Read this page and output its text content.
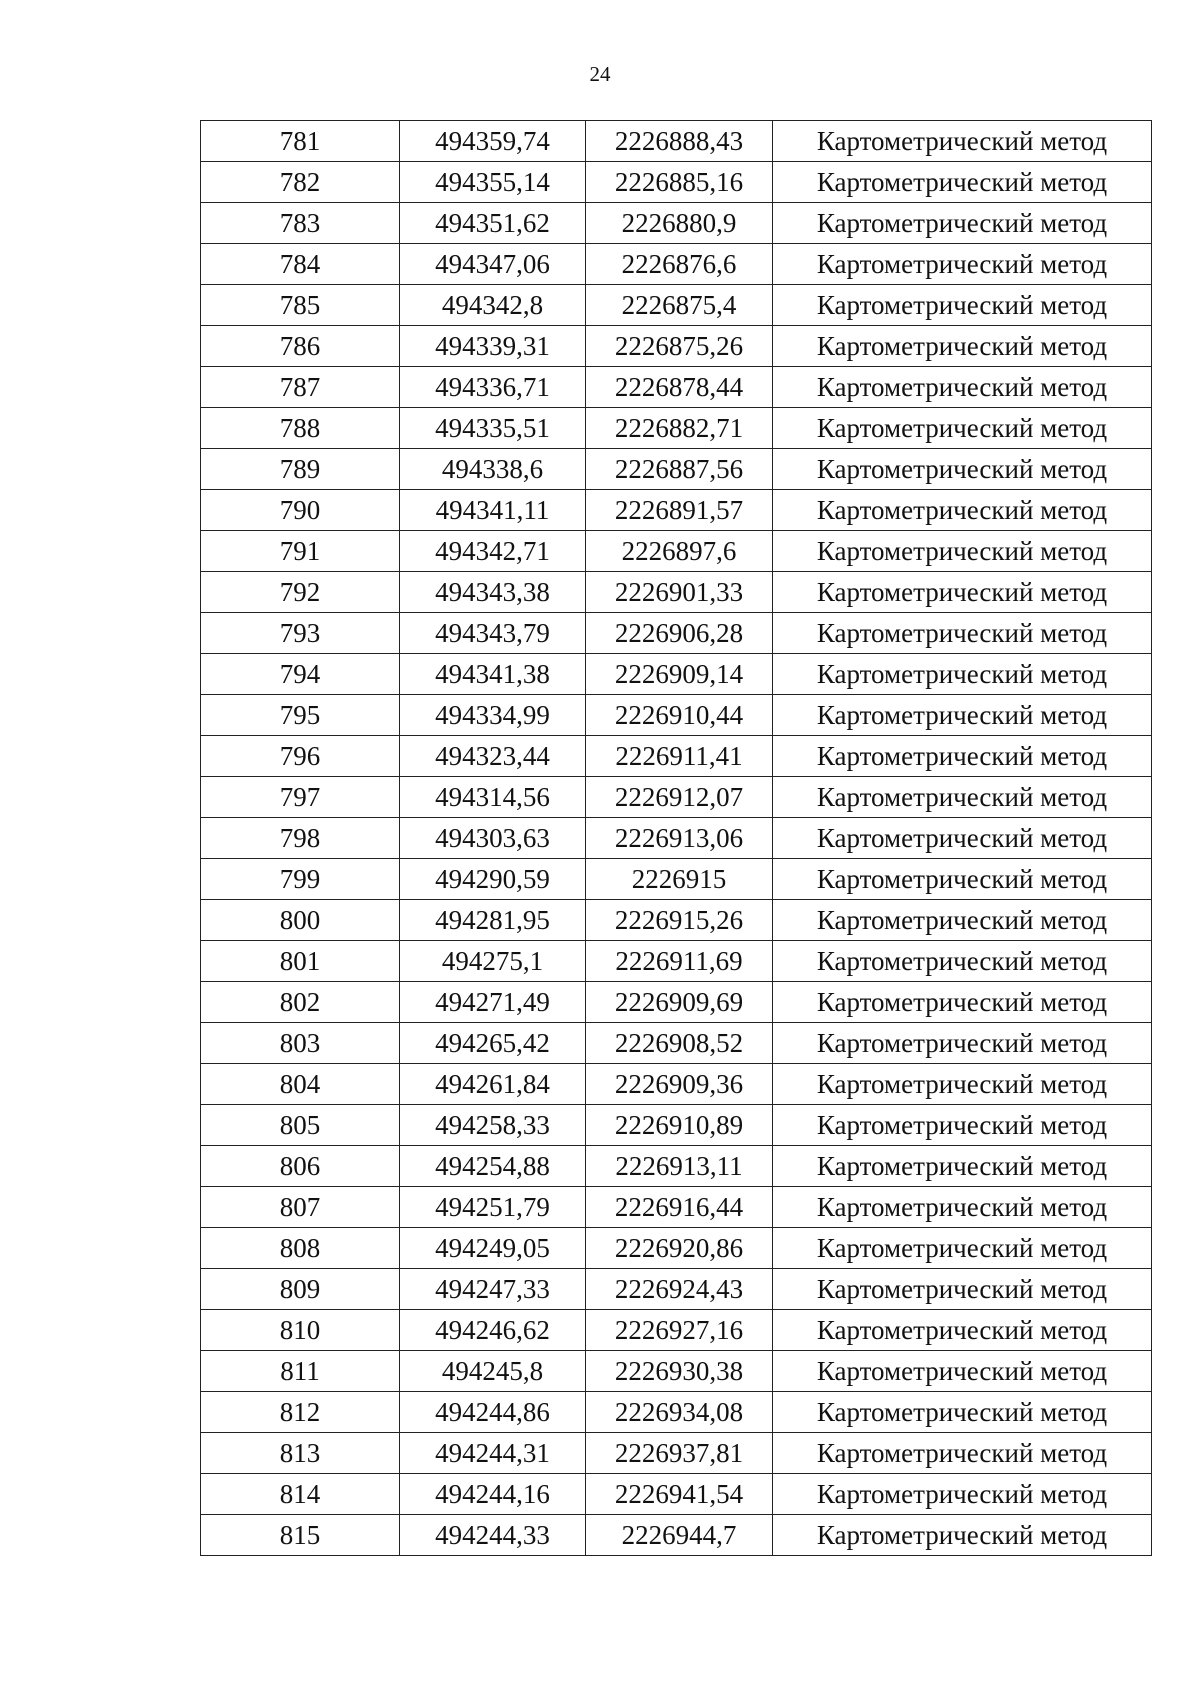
24
781	494359,74	2226888,43	Картометрический метод
782	494355,14	2226885,16	Картометрический метод
783	494351,62	2226880,9	Картометрический метод
784	494347,06	2226876,6	Картометрический метод
785	494342,8	2226875,4	Картометрический метод
786	494339,31	2226875,26	Картометрический метод
787	494336,71	2226878,44	Картометрический метод
788	494335,51	2226882,71	Картометрический метод
789	494338,6	2226887,56	Картометрический метод
790	494341,11	2226891,57	Картометрический метод
791	494342,71	2226897,6	Картометрический метод
792	494343,38	2226901,33	Картометрический метод
793	494343,79	2226906,28	Картометрический метод
794	494341,38	2226909,14	Картометрический метод
795	494334,99	2226910,44	Картометрический метод
796	494323,44	2226911,41	Картометрический метод
797	494314,56	2226912,07	Картометрический метод
798	494303,63	2226913,06	Картометрический метод
799	494290,59	2226915	Картометрический метод
800	494281,95	2226915,26	Картометрический метод
801	494275,1	2226911,69	Картометрический метод
802	494271,49	2226909,69	Картометрический метод
803	494265,42	2226908,52	Картометрический метод
804	494261,84	2226909,36	Картометрический метод
805	494258,33	2226910,89	Картометрический метод
806	494254,88	2226913,11	Картометрический метод
807	494251,79	2226916,44	Картометрический метод
808	494249,05	2226920,86	Картометрический метод
809	494247,33	2226924,43	Картометрический метод
810	494246,62	2226927,16	Картометрический метод
811	494245,8	2226930,38	Картометрический метод
812	494244,86	2226934,08	Картометрический метод
813	494244,31	2226937,81	Картометрический метод
814	494244,16	2226941,54	Картометрический метод
815	494244,33	2226944,7	Картометрический метод
